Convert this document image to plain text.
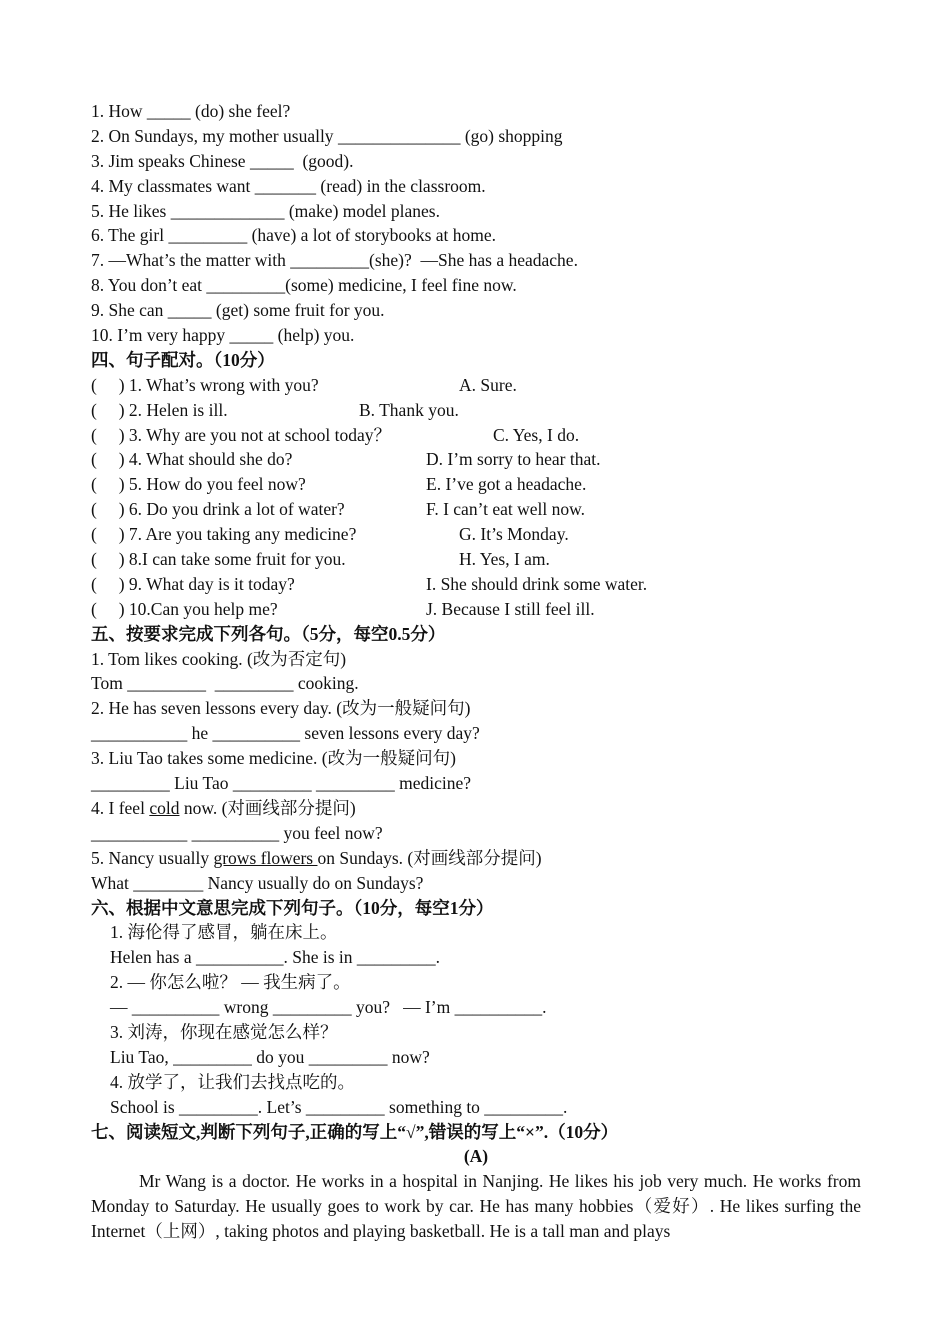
1. How _____ (do) she feel?
2. On Sundays, my mother usually ______________ (go) shopping
3. Jim speaks Chinese _____  (good).
4. My classmates want _______ (read) in the classroom.
5. He likes _____________ (make) model planes.
6. The girl _________ (have) a lot of storybooks at home.
7. —What’s the matter with _________(she)?  —She has a headache.
8. You don’t eat _________(some) medicine, I feel fine now.
9. She can _____ (get) some fruit for you.
10. I’m very happy _____ (help) you.
四、句子配对。（10分）
(     ) 1. What’s wrong with you?	A. Sure.
(     ) 2. Helen is ill.	B. Thank you.
(     ) 3. Why are you not at school today？	C. Yes, I do.
(     ) 4. What should she do?	D. I’m sorry to hear that.
(     ) 5. How do you feel now?	E. I’ve got a headache.
(     ) 6. Do you drink a lot of water?	F. I can’t eat well now.
(     ) 7. Are you taking any medicine?	G. It’s Monday.
(     ) 8.I can take some fruit for you.	H. Yes, I am.
(     ) 9. What day is it today?	I. She should drink some water.
(     ) 10.Can you help me?	J. Because I still feel ill.
五、按要求完成下列各句。（5分，每空0.5分）
1. Tom likes cooking. (改为否定句)
Tom _________  _________ cooking.
2. He has seven lessons every day. (改为一般疑问句)
___________ he __________ seven lessons every day?
3. Liu Tao takes some medicine. (改为一般疑问句)
_________ Liu Tao _________ _________ medicine?
4. I feel cold now. (对画线部分提问)
___________ __________ you feel now?
5. Nancy usually grows flowers on Sundays. (对画线部分提问)
What ________ Nancy usually do on Sundays?
六、根据中文意思完成下列句子。（10分，每空1分）
1. 海伦得了感冒，躺在床上。
Helen has a __________. She is in _________.
2. — 你怎么啦？ — 我生病了。
— __________ wrong _________ you?   — I’m __________.
3. 刘涛，你现在感觉怎么样？
Liu Tao, _________ do you _________ now?
4. 放学了，让我们去找点吃的。
School is _________. Let’s _________ something to _________.
七、阅读短文,判断下列句子,正确的写上“√”,错误的写上“×”.（10分）
(A)
Mr Wang is a doctor. He works in a hospital in Nanjing. He likes his job very much. He works from Monday to Saturday. He usually goes to work by car. He has many hobbies（爱好）. He likes surfing the Internet（上网）, taking photos and playing basketball. He is a tall man and plays
